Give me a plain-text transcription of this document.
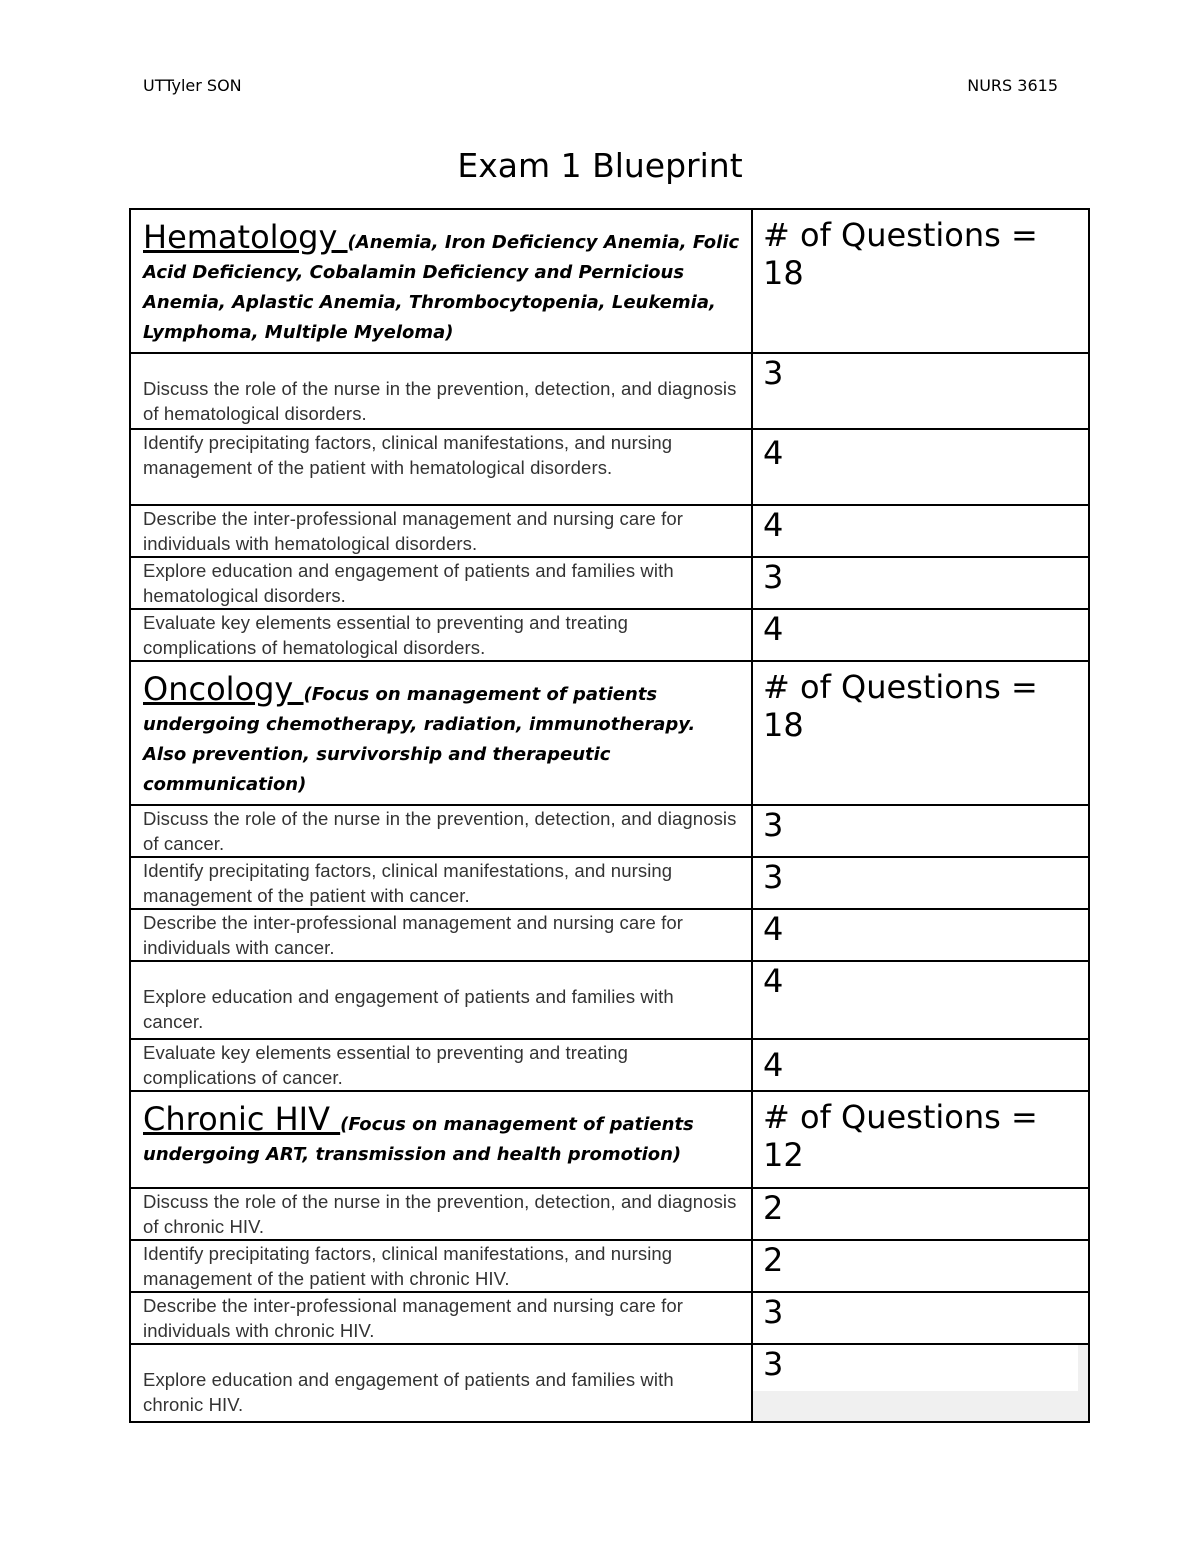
UTTyler SON	NURS 3615
Exam 1 Blueprint
Hematology (Anemia, Iron Deficiency Anemia, Folic Acid Deficiency, Cobalamin Deficiency and Pernicious Anemia, Aplastic Anemia, Thrombocytopenia, Leukemia, Lymphoma, Multiple Myeloma)	# of Questions = 18

Discuss the role of the nurse in the prevention, detection, and diagnosis of hematological disorders.	3

Identify precipitating factors, clinical manifestations, and nursing management of the patient with hematological disorders.	4

Describe the inter-professional management and nursing care for individuals with hematological disorders.	4

Explore education and engagement of patients and families with hematological disorders.	3

Evaluate key elements essential to preventing and treating complications of hematological disorders.	4

Oncology (Focus on management of patients undergoing chemotherapy, radiation, immunotherapy. Also prevention, survivorship and therapeutic communication)	# of Questions = 18

Discuss the role of the nurse in the prevention, detection, and diagnosis of cancer.	3

Identify precipitating factors, clinical manifestations, and nursing management of the patient with cancer.	3

Describe the inter-professional management and nursing care for individuals with cancer.	4

Explore education and engagement of patients and families with cancer.	4

Evaluate key elements essential to preventing and treating complications of cancer.	4

Chronic HIV (Focus on management of patients undergoing ART, transmission and health promotion)	# of Questions = 12

Discuss the role of the nurse in the prevention, detection, and diagnosis of chronic HIV.	2

Identify precipitating factors, clinical manifestations, and nursing management of the patient with chronic HIV.	2

Describe the inter-professional management and nursing care for individuals with chronic HIV.	3

Explore education and engagement of patients and families with chronic HIV.	3
